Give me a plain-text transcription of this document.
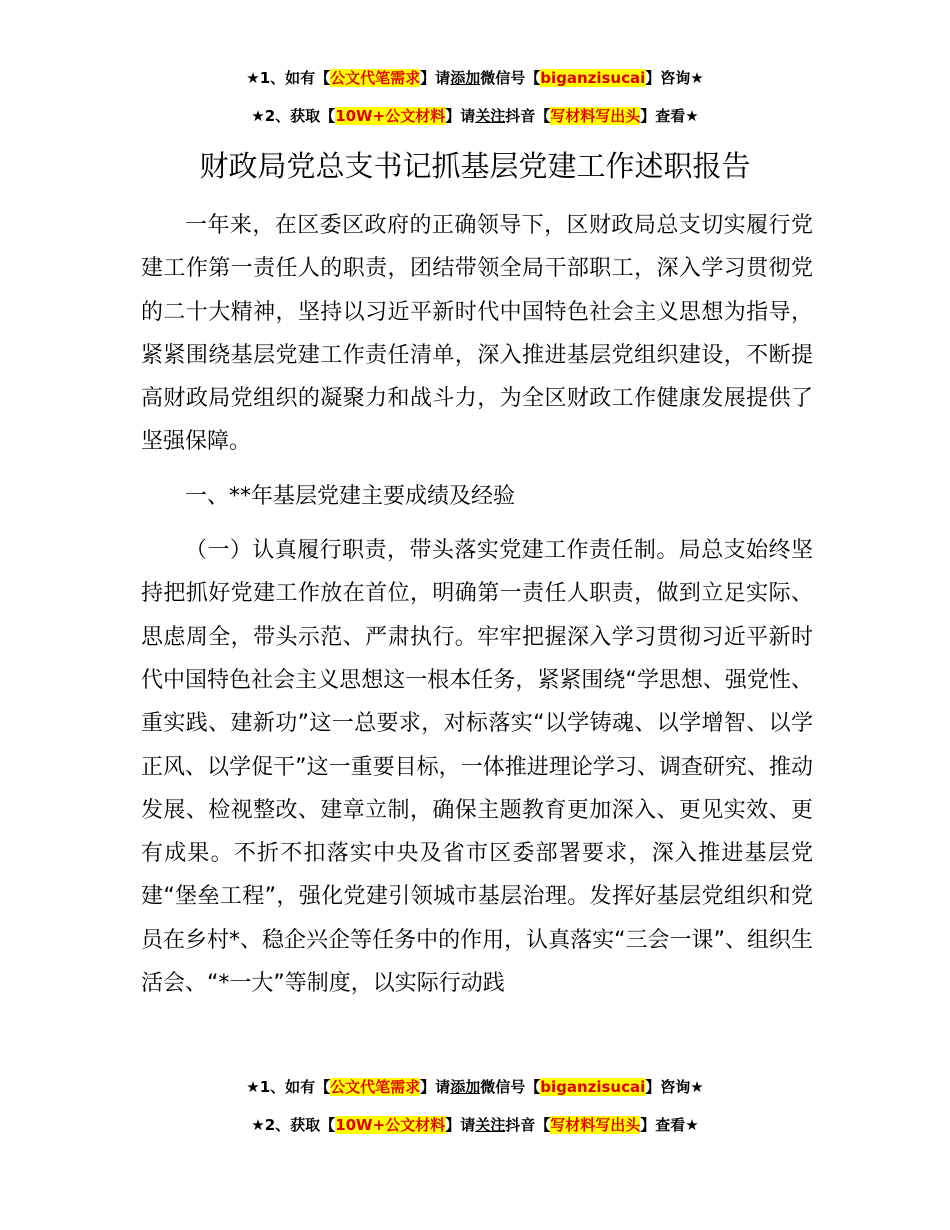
★1、如有【公文代笔需求】请添加微信号【biganzisucai】咨询★
★2、获取【10W+公文材料】请关注抖音【写材料写出头】查看★
财政局党总支书记抓基层党建工作述职报告

一年来，在区委区政府的正确领导下，区财政局总支切实履行党建工作第一责任人的职责，团结带领全局干部职工，深入学习贯彻党的二十大精神，坚持以习近平新时代中国特色社会主义思想为指导，紧紧围绕基层党建工作责任清单，深入推进基层党组织建设，不断提高财政局党组织的凝聚力和战斗力，为全区财政工作健康发展提供了坚强保障。

一、**年基层党建主要成绩及经验

（一）认真履行职责，带头落实党建工作责任制。局总支始终坚持把抓好党建工作放在首位，明确第一责任人职责，做到立足实际、思虑周全，带头示范、严肃执行。牢牢把握深入学习贯彻习近平新时代中国特色社会主义思想这一根本任务，紧紧围绕“学思想、强党性、重实践、建新功”这一总要求，对标落实“以学铸魂、以学增智、以学正风、以学促干”这一重要目标，一体推进理论学习、调查研究、推动发展、检视整改、建章立制，确保主题教育更加深入、更见实效、更有成果。不折不扣落实中央及省市区委部署要求，深入推进基层党建“堡垒工程”，强化党建引领城市基层治理。发挥好基层党组织和党员在乡村*、稳企兴企等任务中的作用，认真落实“三会一课”、组织生活会、“*一大”等制度，以实际行动践

★1、如有【公文代笔需求】请添加微信号【biganzisucai】咨询★
★2、获取【10W+公文材料】请关注抖音【写材料写出头】查看★
